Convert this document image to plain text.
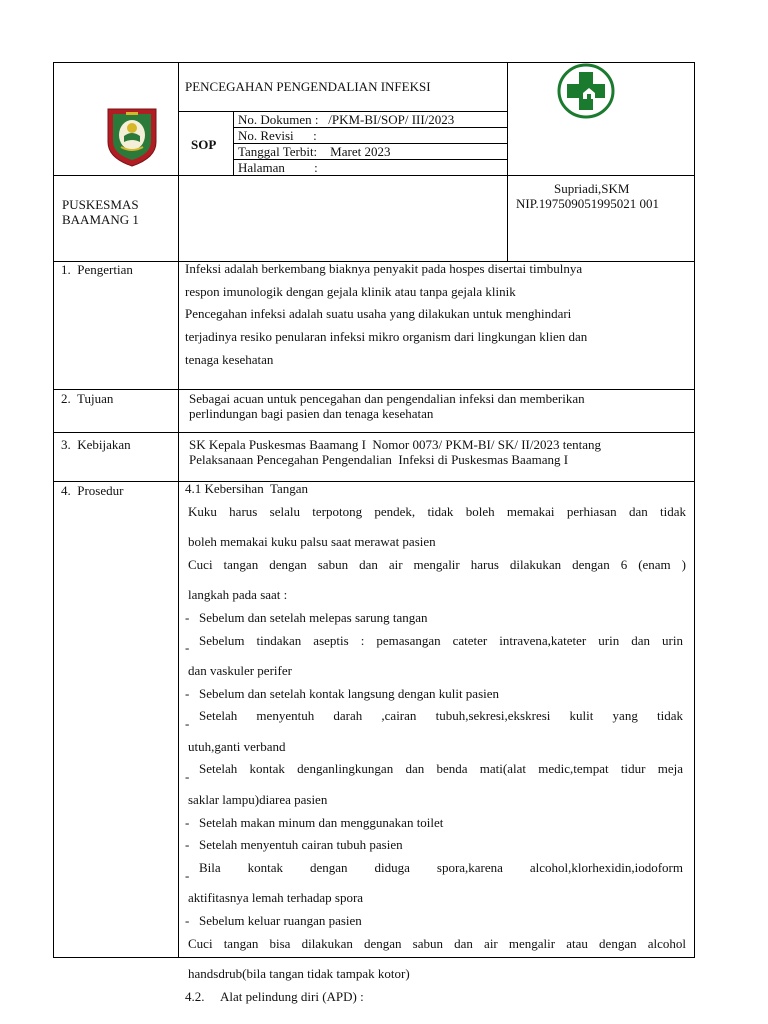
PENCEGAHAN PENGENDALIAN INFEKSI
SOP
No. Dokumen :   /PKM-BI/SOP/ III/2023
No. Revisi      :
Tanggal Terbit:    Maret 2023
Halaman         :
PUSKESMAS
BAAMANG 1
Supriadi,SKM
NIP.197509051995021 001
1.  Pengertian
2.  Tujuan
3.  Kebijakan
4.  Prosedur
Infeksi adalah berkembang biaknya penyakit pada hospes disertai timbulnya
respon imunologik dengan gejala klinik atau tanpa gejala klinik
Pencegahan infeksi adalah suatu usaha yang dilakukan untuk menghindari
terjadinya resiko penularan infeksi mikro organism dari lingkungan klien dan
tenaga kesehatan
Sebagai acuan untuk pencegahan dan pengendalian infeksi dan memberikan
perlindungan bagi pasien dan tenaga kesehatan
SK Kepala Puskesmas Baamang I  Nomor 0073/ PKM-BI/ SK/ II/2023 tentang
Pelaksanaan Pencegahan Pengendalian  Infeksi di Puskesmas Baamang I
4.1 Kebersihan  Tangan
Kuku harus selalu terpotong pendek, tidak boleh memakai perhiasan dan tidak
boleh memakai kuku palsu saat merawat pasien
Cuci tangan dengan sabun dan air mengalir harus dilakukan dengan 6 (enam )
langkah pada saat :
- Sebelum dan setelah melepas sarung tangan
-Sebelum tindakan aseptis : pemasangan cateter intravena,kateter urin dan urin
dan vaskuler perifer
- Sebelum dan setelah kontak langsung dengan kulit pasien
-Setelah menyentuh darah ,cairan tubuh,sekresi,ekskresi kulit yang tidak
utuh,ganti verband
-Setelah kontak denganlingkungan dan benda mati(alat medic,tempat tidur meja
saklar lampu)diarea pasien
- Setelah makan minum dan menggunakan toilet
- Setelah menyentuh cairan tubuh pasien
-Bila kontak dengan diduga spora,karena alcohol,klorhexidin,iodoform
aktifitasnya lemah terhadap spora
- Sebelum keluar ruangan pasien
Cuci tangan bisa dilakukan dengan sabun dan air mengalir atau dengan alcohol
handsdrub(bila tangan tidak tampak kotor)
4.2.     Alat pelindung diri (APD) :
